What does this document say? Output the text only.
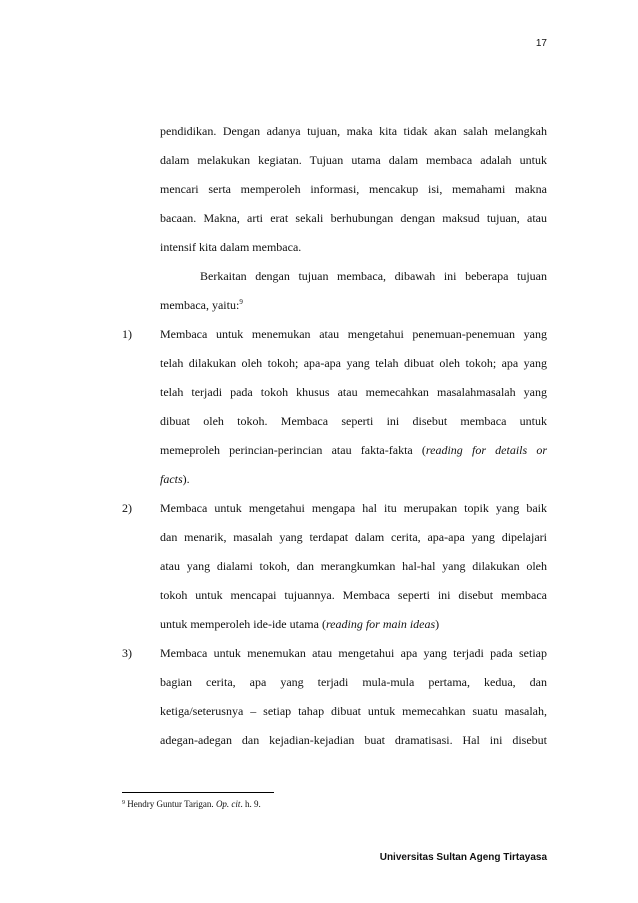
17
pendidikan. Dengan adanya tujuan, maka kita tidak akan salah melangkah
dalam melakukan kegiatan. Tujuan utama dalam membaca adalah untuk
mencari serta memperoleh informasi, mencakup isi, memahami makna
bacaan. Makna, arti erat sekali berhubungan dengan maksud tujuan, atau
intensif kita dalam membaca.
Berkaitan dengan tujuan membaca, dibawah ini beberapa tujuan
membaca, yaitu:$^9$
1) Membaca untuk menemukan atau mengetahui penemuan-penemuan yang
telah dilakukan oleh tokoh; apa-apa yang telah dibuat oleh tokoh; apa yang
telah terjadi pada tokoh khusus atau memecahkan masalahmasalah yang
dibuat oleh tokoh. Membaca seperti ini disebut membaca untuk
memeproleh perincian-perincian atau fakta-fakta (reading for details or
facts).
2) Membaca untuk mengetahui mengapa hal itu merupakan topik yang baik
dan menarik, masalah yang terdapat dalam cerita, apa-apa yang dipelajari
atau yang dialami tokoh, dan merangkumkan hal-hal yang dilakukan oleh
tokoh untuk mencapai tujuannya. Membaca seperti ini disebut membaca
untuk memperoleh ide-ide utama (reading for main ideas)
3) Membaca untuk menemukan atau mengetahui apa yang terjadi pada setiap
bagian cerita, apa yang terjadi mula-mula pertama, kedua, dan
ketiga/seterusnya – setiap tahap dibuat untuk memecahkan suatu masalah,
adegan-adegan dan kejadian-kejadian buat dramatisasi. Hal ini disebut
$^9$ Hendry Guntur Tarigan. Op. cit. h. 9.
Universitas Sultan Ageng Tirtayasa
